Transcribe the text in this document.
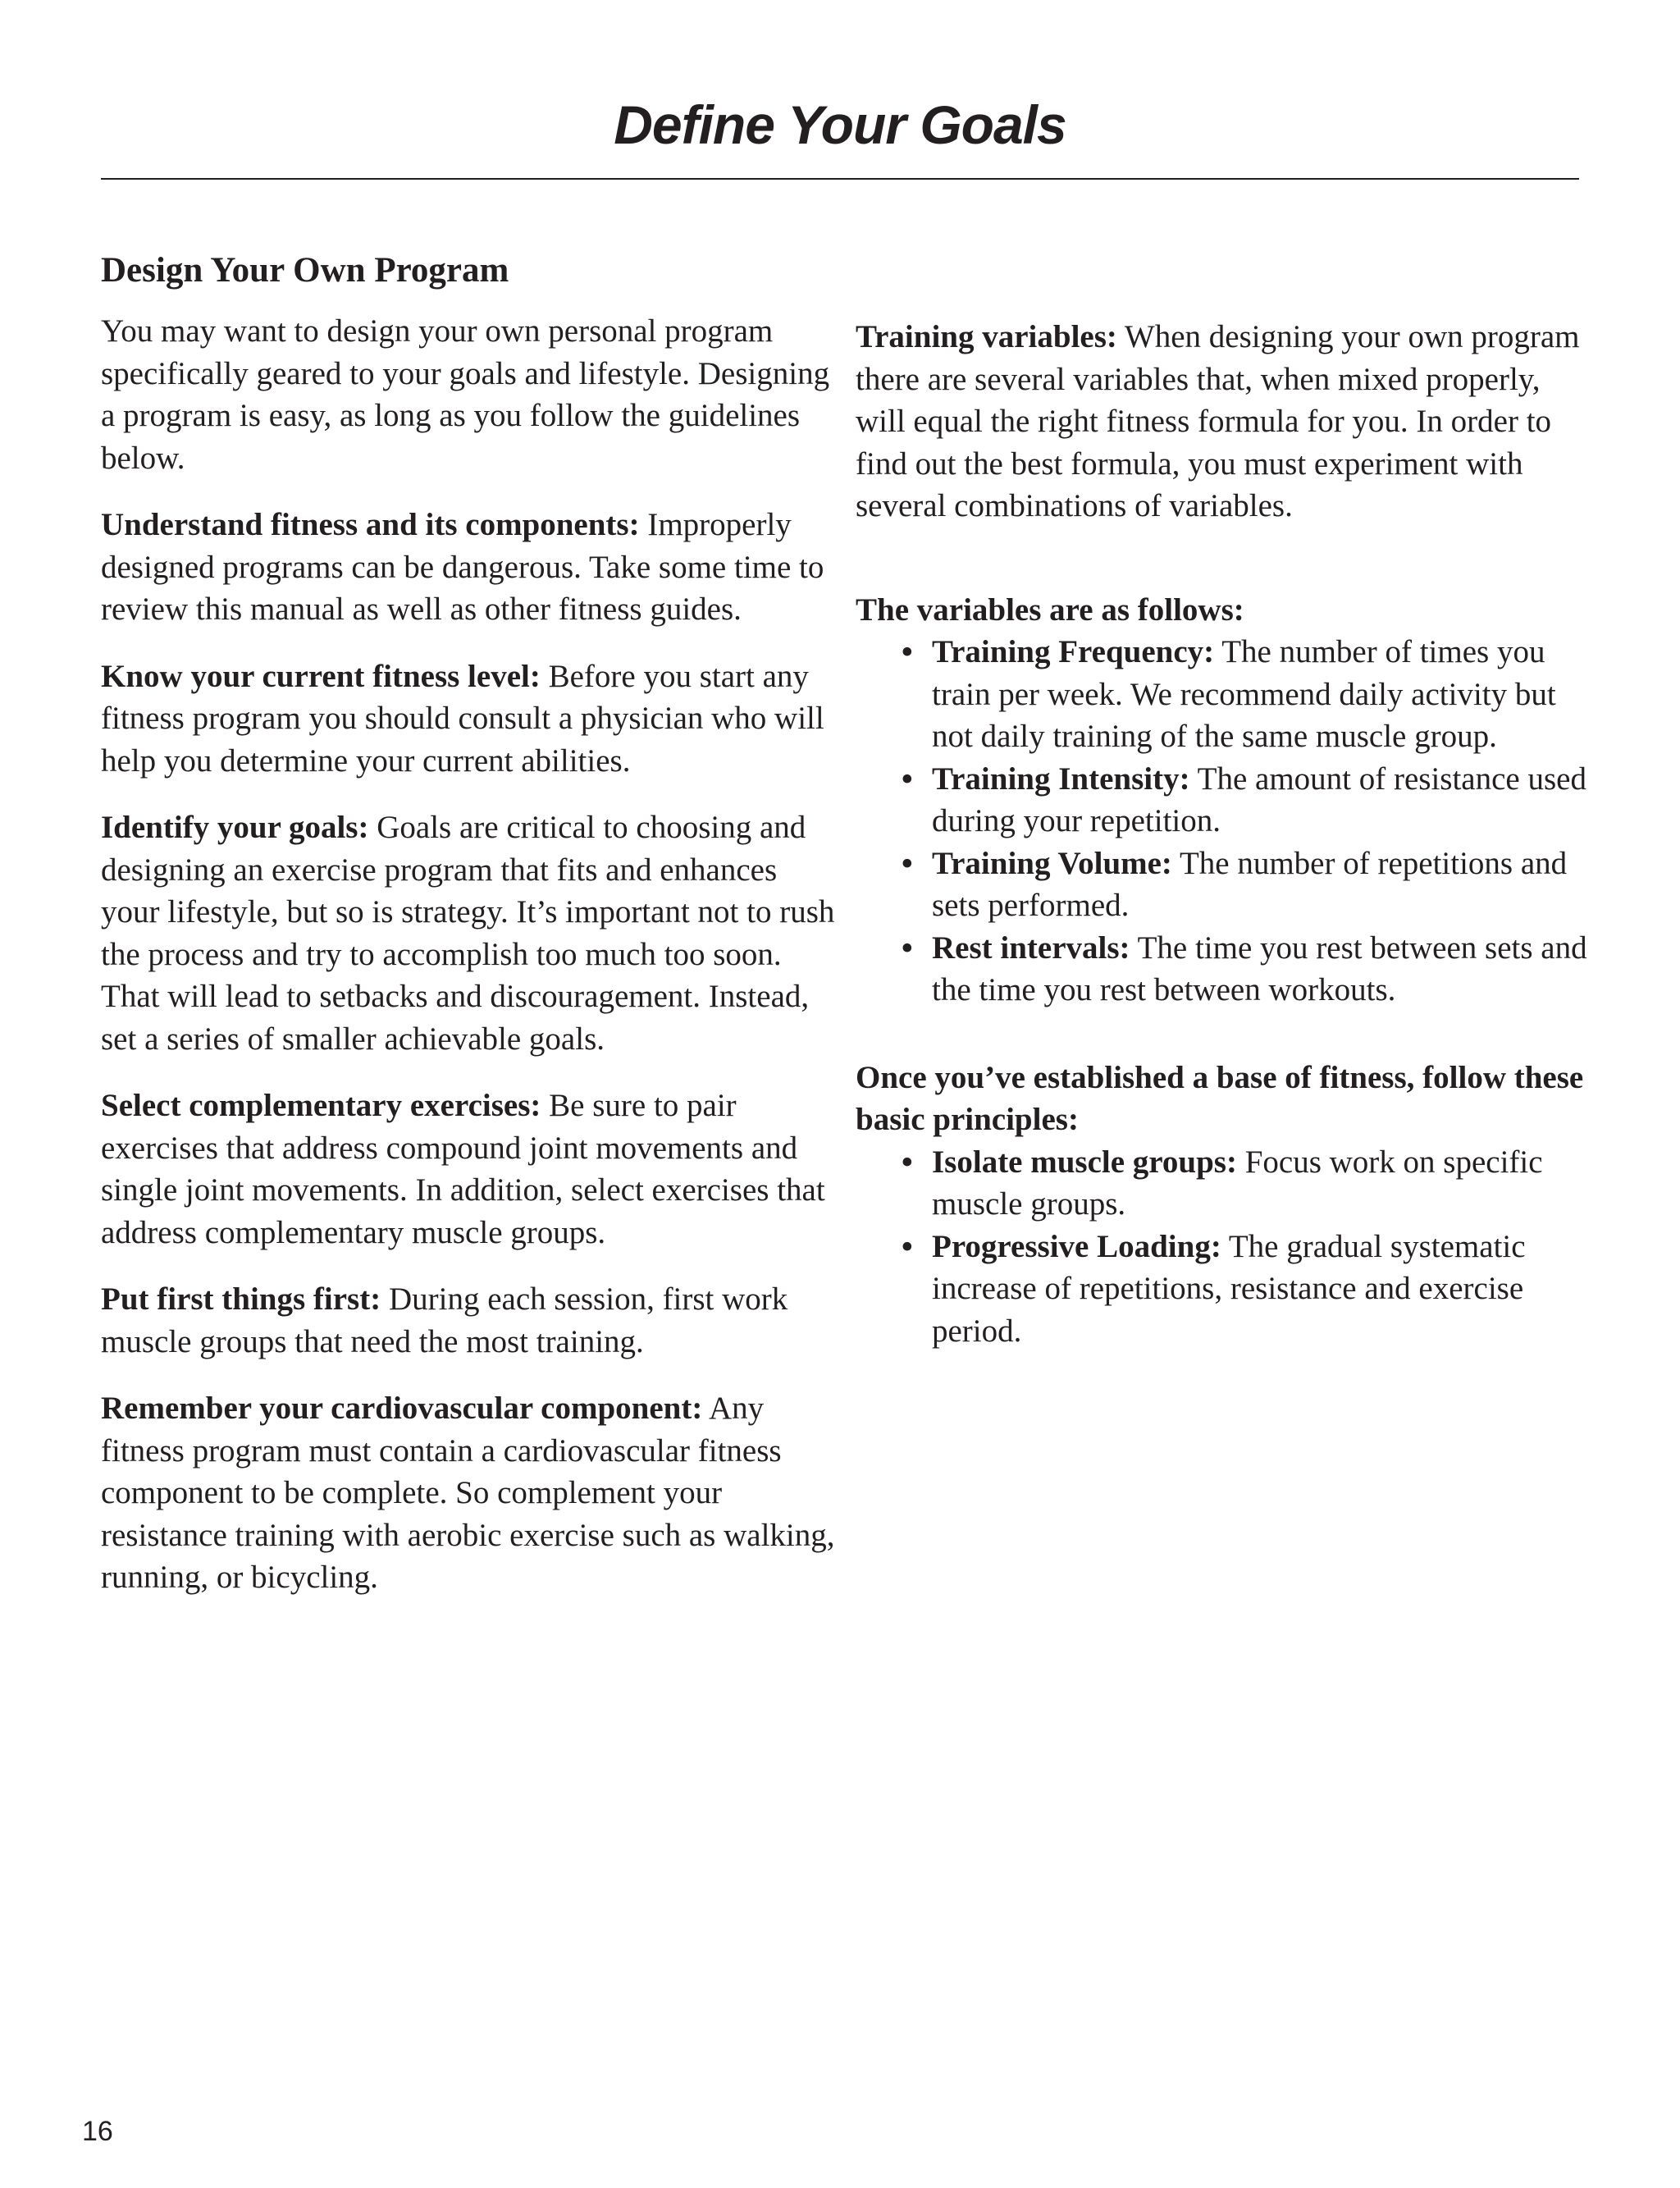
Define Your Goals
Design Your Own Program

You may want to design your own personal program specifically geared to your goals and lifestyle. Designing a program is easy, as long as you follow the guidelines below.

Understand fitness and its components: Improperly designed programs can be dangerous. Take some time to review this manual as well as other fitness guides.

Know your current fitness level: Before you start any fitness program you should consult a physician who will help you determine your current abilities.

Identify your goals: Goals are critical to choosing and designing an exercise program that fits and enhances your lifestyle, but so is strategy. It’s important not to rush the process and try to accomplish too much too soon. That will lead to setbacks and discouragement. Instead, set a series of smaller achievable goals.

Select complementary exercises: Be sure to pair exercises that address compound joint movements and single joint movements. In addition, select exercises that address complementary muscle groups.

Put first things first: During each session, first work muscle groups that need the most training.

Remember your cardiovascular component: Any fitness program must contain a cardiovascular fitness component to be complete. So complement your resistance training with aerobic exercise such as walking, running, or bicycling.

Training variables: When designing your own program there are several variables that, when mixed properly, will equal the right fitness formula for you. In order to find out the best formula, you must experiment with several combinations of variables.

The variables are as follows:

• Training Frequency: The number of times you train per week. We recommend daily activity but not daily training of the same muscle group.
• Training Intensity: The amount of resistance used during your repetition.
• Training Volume: The number of repetitions and sets performed.
• Rest intervals: The time you rest between sets and the time you rest between workouts.

Once you’ve established a base of fitness, follow these basic principles:

• Isolate muscle groups: Focus work on specific muscle groups.
• Progressive Loading: The gradual systematic increase of repetitions, resistance and exercise period.
16
